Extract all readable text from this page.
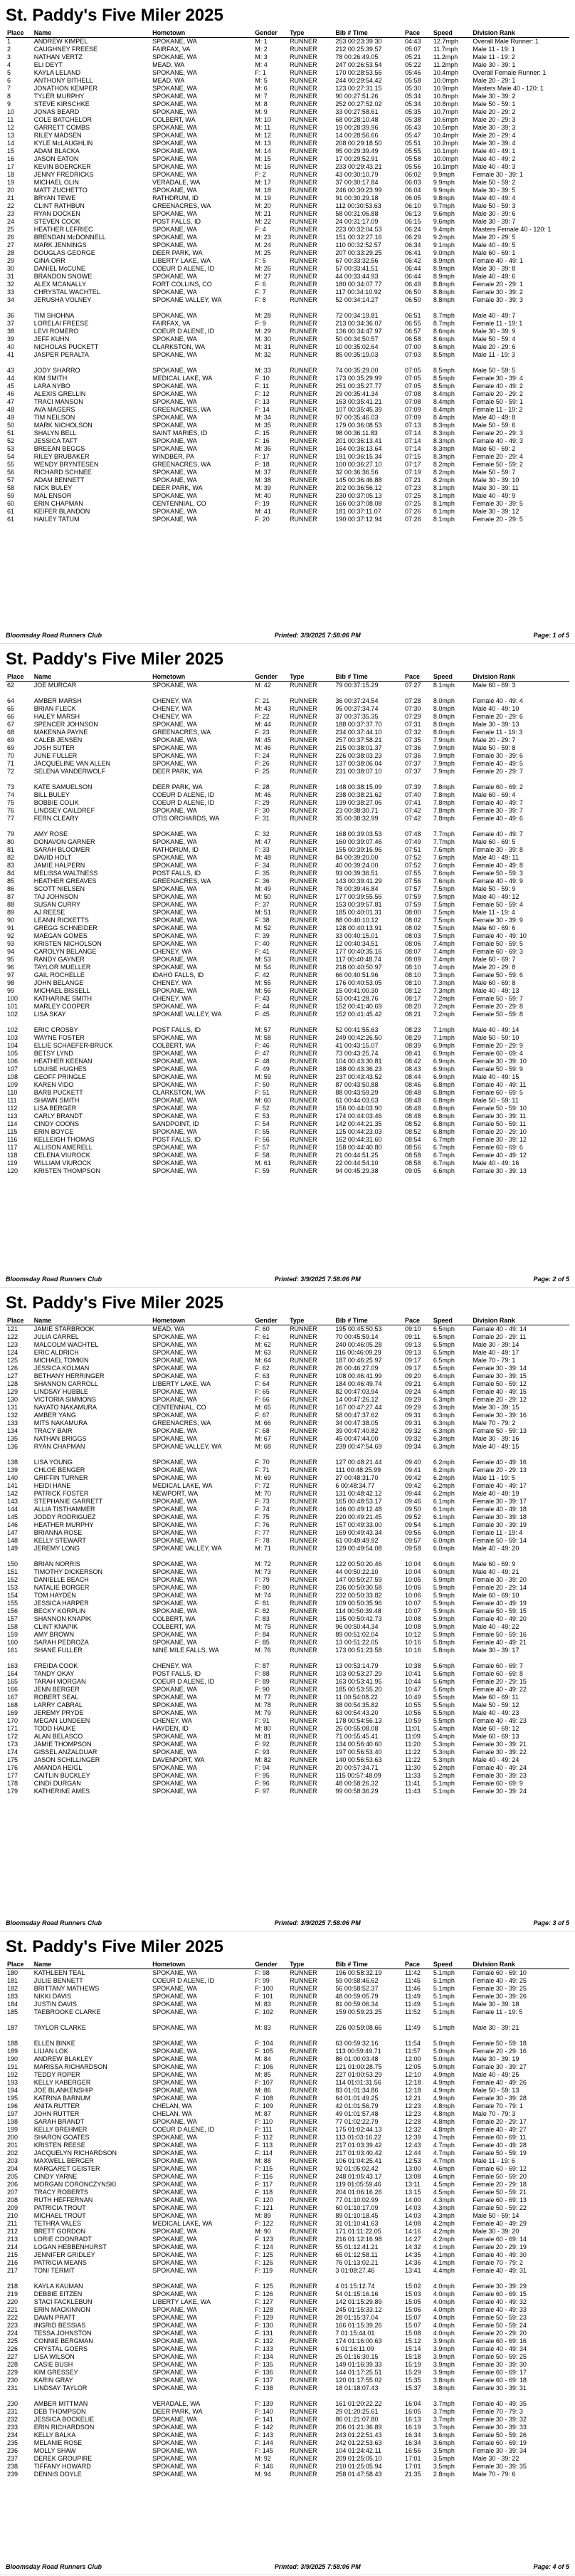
St. Paddy's Five Miler 2025
Place	Name	Hometown	Gender	Type	Bib # Time	Pace	Speed	Division Rank
1	ANDREW KIMPEL	SPOKANE, WA	M: 1	RUNNER	253 00:23:39.30	04:43	12.7mph	Overall Male Runner: 1
2	CAUGHNEY FREESE	FAIRFAX, VA	M: 2	RUNNER	212 00:25:39.57	05:07	11.7mph	Male 11 - 19: 1
3	NATHAN VERTZ	SPOKANE, WA	M: 3	RUNNER	78 00:26:49.05	05:21	11.2mph	Male 11 - 19: 2
4	ELI DEYT	MEAD, WA	M: 4	RUNNER	247 00:26:53.54	05:22	11.2mph	Male 30 - 39: 1
5	KAYLA LELAND	SPOKANE, WA	F: 1	RUNNER	170 00:28:53.56	05:46	10.4mph	Overall Female Runner: 1
6	ANTHONY BITHELL	MEAD, WA	M: 5	RUNNER	244 00:29:54.42	05:58	10.0mph	Male 20 - 29: 1
7	JONATHON KEMPER	SPOKANE, WA	M: 6	RUNNER	123 00:27:31.15	05:30	10.9mph	Masters Male 40 - 120: 1
8	TYLER MURPHY	SPOKANE, WA	M: 7	RUNNER	90 00:27:51.26	05:34	10.8mph	Male 30 - 39: 2
9	STEVE KIRSCHKE	SPOKANE, WA	M: 8	RUNNER	252 00:27:52.02	05:34	10.8mph	Male 50 - 59: 1
10	JONAS BEARD	SPOKANE, WA	M: 9	RUNNER	33 00:27:58.61	05:35	10.7mph	Male 20 - 29: 2
11	COLE BATCHELOR	COLBERT, WA	M: 10	RUNNER	68 00:28:10.48	05:38	10.6mph	Male 20 - 29: 3
12	GARRETT COMBS	SPOKANE, WA	M: 11	RUNNER	19 00:28:39.96	05:43	10.5mph	Male 30 - 39: 3
13	RILEY MADSEN	SPOKANE, WA	M: 12	RUNNER	14 00:28:56.66	05:47	10.4mph	Male 20 - 29: 4
14	KYLE McLAUGHLIN	SPOKANE, WA	M: 13	RUNNER	208 00:29:18.50	05:51	10.2mph	Male 30 - 39: 4
15	ADAM BLACKA	SPOKANE, WA	M: 14	RUNNER	95 00:29:39.49	05:55	10.1mph	Male 40 - 49: 1
16	JASON EATON	SPOKANE, WA	M: 15	RUNNER	17 00:29:52.91	05:58	10.0mph	Male 40 - 49: 2
17	KEVIN BOERCKER	SPOKANE, WA	M: 16	RUNNER	233 00:29:43.21	05:56	10.1mph	Male 40 - 49: 3
18	JENNY FREDRICKS	SPOKANE, WA	F: 2	RUNNER	43 00:30:10.79	06:02	9.9mph	Female 30 - 39: 1
19	MICHAEL OLIN	VERADALE, WA	M: 17	RUNNER	37 00:30:17.84	06:03	9.9mph	Male 50 - 59: 2
20	MATT ZUCHETTO	SPOKANE, WA	M: 18	RUNNER	246 00:30:23.99	06:04	9.9mph	Male 30 - 39: 5
21	BRYAN TEWE	RATHDRUM, ID	M: 19	RUNNER	91 00:30:29.18	06:05	9.8mph	Male 40 - 49: 4
22	CLINT RATHBUN	GREENACRES, WA	M: 20	RUNNER	112 00:30:53.63	06:10	9.7mph	Male 50 - 59: 3
23	RYAN DOCKEN	SPOKANE, WA	M: 21	RUNNER	58 00:31:06.88	06:13	9.6mph	Male 30 - 39: 6
24	STEVEN COOK	POST FALLS, ID	M: 22	RUNNER	24 00:31:17.09	06:15	9.6mph	Male 30 - 39: 7
25	HEATHER LEFRIEC	SPOKANE, WA	F: 4	RUNNER	223 00:32:04.53	06:24	9.4mph	Masters Female 40 - 120: 1
26	BRENDAN McDONNELL	SPOKANE, WA	M: 23	RUNNER	151 00:32:27.16	06:29	9.2mph	Male 20 - 29: 5
27	MARK JENNINGS	SPOKANE, WA	M: 24	RUNNER	110 00:32:52.57	06:34	9.1mph	Male 40 - 49: 5
28	DOUGLAS GEORGE	DEER PARK, WA	M: 25	RUNNER	207 00:33:29.25	06:41	9.0mph	Male 60 - 69: 1
29	GINA ORR	LIBERTY LAKE, WA	F: 5	RUNNER	67 00:33:32.56	06:42	8.9mph	Female 40 - 49: 1
30	DANIEL McCUNE	COEUR D ALENE, ID	M: 26	RUNNER	57 00:33:41.51	06:44	8.9mph	Male 30 - 39: 8
31	BRANDON SNOWE	SPOKANE, WA	M: 27	RUNNER	44 00:33:44.93	06:44	8.9mph	Male 40 - 49: 6
32	ALEX MCANALLY	FORT COLLINS, CO	F: 6	RUNNER	180 00:34:07.77	06:49	8.8mph	Female 20 - 29: 1
33	CHRYSTAL WACHTEL	SPOKANE, WA	F: 7	RUNNER	117 00:34:10.92	06:50	8.8mph	Female 30 - 39: 2
34	JERUSHA VOLNEY	SPOKANE VALLEY, WA	F: 8	RUNNER	52 00:34:14.27	06:50	8.8mph	Female 30 - 39: 3

36	TIM SHOHNA	SPOKANE, WA	M: 28	RUNNER	72 00:34:19.81	06:51	8.7mph	Male 40 - 49: 7
37	LORELAI FREESE	FAIRFAX, VA	F: 9	RUNNER	213 00:34:36.07	06:55	8.7mph	Female 11 - 19: 1
38	LEVI ROMERO	COEUR D ALENE, ID	M: 29	RUNNER	136 00:34:47.97	06:57	8.6mph	Male 30 - 39: 9
39	JEFF KUHN	SPOKANE, WA	M: 30	RUNNER	50 00:34:50.57	06:58	8.6mph	Male 50 - 59: 4
40	NICHOLAS PUCKETT	CLARKSTON, WA	M: 31	RUNNER	10 00:35:02.64	07:00	8.6mph	Male 20 - 29: 6
41	JASPER PERALTA	SPOKANE, WA	M: 32	RUNNER	85 00:35:19.03	07:03	8.5mph	Male 11 - 19: 3

43	JODY SHARRO	SPOKANE, WA	M: 33	RUNNER	74 00:35:29.00	07:05	8.5mph	Male 50 - 59: 5
44	KIM SMITH	MEDICAL LAKE, WA	F: 10	RUNNER	173 00:35:29.99	07:05	8.5mph	Female 30 - 39: 4
45	LARA NYBO	SPOKANE, WA	F: 11	RUNNER	251 00:35:27.77	07:05	8.5mph	Female 40 - 49: 2
46	ALEXIS GRELLIN	SPOKANE, WA	F: 12	RUNNER	29 00:35:41.34	07:08	8.4mph	Female 20 - 29: 2
47	TRACI MANSON	SPOKANE, WA	F: 13	RUNNER	163 00:35:41.21	07:08	8.4mph	Female 50 - 59: 1
48	AVA MAGERS	GREENACRES, WA	F: 14	RUNNER	107 00:35:45.39	07:09	8.4mph	Female 11 - 19: 2
49	TIM NEILSON	SPOKANE, WA	M: 34	RUNNER	97 00:35:46.03	07:09	8.4mph	Male 40 - 49: 8
50	MARK NICHOLSON	SPOKANE, WA	M: 35	RUNNER	179 00:36:08.53	07:13	8.3mph	Male 50 - 59: 6
51	SHALYN BELL	SAINT MARIES, ID	F: 15	RUNNER	98 00:36:11.83	07:14	8.3mph	Female 20 - 29: 3
52	JESSICA TAFT	SPOKANE, WA	F: 16	RUNNER	201 00:36:13.41	07:14	8.3mph	Female 40 - 49: 3
53	BREEAN BEGGS	SPOKANE, WA	M: 36	RUNNER	164 00:36:13.64	07:14	8.3mph	Male 60 - 69: 2
54	RILEY BRUBAKER	WINDBER, PA	F: 17	RUNNER	191 00:36:15.34	07:15	8.3mph	Female 20 - 29: 4
55	WENDY BRYNTESEN	GREENACRES, WA	F: 18	RUNNER	100 00:36:27.10	07:17	8.2mph	Female 50 - 59: 2
56	RICHARD SCHNEE	SPOKANE, WA	M: 37	RUNNER	32 00:36:36.56	07:19	8.2mph	Male 50 - 59: 7
57	ADAM BENNETT	SPOKANE, WA	M: 38	RUNNER	145 00:36:46.88	07:21	8.2mph	Male 30 - 39: 10
58	NICK BULEY	DEER PARK, WA	M: 39	RUNNER	202 00:36:56.12	07:23	8.1mph	Male 30 - 39: 11
59	MAL ENSOR	SPOKANE, WA	M: 40	RUNNER	230 00:37:05.13	07:25	8.1mph	Male 40 - 49: 9
60	ERIN CHAPMAN	CENTENNIAL, CO	F: 19	RUNNER	166 00:37:08.08	07:25	8.1mph	Female 30 - 39: 5
61	KEIFER BLANDON	SPOKANE, WA	M: 41	RUNNER	181 00:37:11.07	07:26	8.1mph	Male 30 - 39: 12
61	HAILEY TATUM	SPOKANE, WA	F: 20	RUNNER	190 00:37:12.94	07:26	8.1mph	Female 20 - 29: 5
Bloomsday Road Runners Club	Printed: 3/9/2025 7:58:06 PM	Page: 1 of 5
St. Paddy's Five Miler 2025
Place	Name	Hometown	Gender	Type	Bib # Time	Pace	Speed	Division Rank
62	JOE MURCAR	SPOKANE, WA	M: 42	RUNNER	79 00:37:15.29	07:27	8.1mph	Male 60 - 69: 3

64	AMBER MARSH	CHENEY, WA	F: 21	RUNNER	36 00:37:24.54	07:28	8.0mph	Female 40 - 49: 4
65	BRIAN FLECK	CHENEY, WA	M: 43	RUNNER	95 00:37:34.74	07:30	8.0mph	Male 40 - 49: 10
66	HALEY MARSH	CHENEY, WA	F: 22	RUNNER	37 00:37:35.35	07:29	8.0mph	Female 20 - 29: 6
67	SPENCER JOHNSON	SPOKANE, WA	M: 44	RUNNER	188 00:37:37.70	07:31	8.0mph	Male 30 - 39: 13
68	MAKENNA PAYNE	GREENACRES, WA	F: 23	RUNNER	234 00:37:44.10	07:32	8.0mph	Female 11 - 19: 3
69	CALEB JENSEN	SPOKANE, WA	M: 45	RUNNER	257 00:37:58.21	07:35	7.9mph	Male 20 - 29: 7
69	JOSH SUTER	SPOKANE, WA	M: 46	RUNNER	215 00:38:01.37	07:36	7.9mph	Male 50 - 59: 8
70	JUNE FULLER	SPOKANE, WA	F: 24	RUNNER	226 00:38:03.23	07:36	7.9mph	Female 30 - 39: 6
71	JACQUELINE VAN ALLEN	SPOKANE, WA	F: 26	RUNNER	137 00:38:06.04	07:37	7.9mph	Female 40 - 49: 5
72	SELENA VANDERWOLF	DEER PARK, WA	F: 25	RUNNER	231 00:38:07.10	07:37	7.9mph	Female 20 - 29: 7

73	KATE SAMUELSON	DEER PARK, WA	F: 28	RUNNER	148 00:38:15.09	07:39	7.8mph	Female 60 - 69: 2
74	BILL BULEY	COEUR D ALENE, ID	M: 46	RUNNER	238 00:38:21.62	07:40	7.8mph	Male 60 - 69: 4
75	BOBBIE COLIK	COEUR D ALENE, ID	F: 29	RUNNER	139 00:38:27.06	07:41	7.8mph	Female 40 - 49: 7
76	LINDSEY CAILDREF	SPOKANE, WA	F: 30	RUNNER	23 00:38:30.71	07:42	7.8mph	Female 30 - 39: 7
77	FERN CLEARY	OTIS ORCHARDS, WA	F: 31	RUNNER	35 00:38:32.99	07:42	7.8mph	Female 40 - 49: 6

79	AMY ROSE	SPOKANE, WA	F: 32	RUNNER	168 00:39:03.53	07:48	7.7mph	Female 40 - 49: 7
80	DONAVON GARNER	SPOKANE, WA	M: 47	RUNNER	160 00:39:07.46	07:49	7.7mph	Male 60 - 69: 5
81	SARAH BLOOMER	RATHDRUM, ID	F: 33	RUNNER	155 00:39:16.96	07:51	7.6mph	Female 30 - 39: 8
82	DAVID HOLT	SPOKANE, WA	M: 48	RUNNER	84 00:39:20.00	07:52	7.6mph	Male 40 - 49: 11
83	JAMIE HALPERN	SPOKANE, WA	F: 34	RUNNER	40 00:39:24.00	07:52	7.6mph	Female 40 - 49: 8
84	MELISSA WALTNESS	POST FALLS, ID	F: 35	RUNNER	93 00:39:36.51	07:55	7.6mph	Female 50 - 59: 3
85	HEATHER GREAVES	GREENACRES, WA	F: 36	RUNNER	143 00:39:41.29	07:56	7.6mph	Female 40 - 49: 9
86	SCOTT NIELSEN	SPOKANE, WA	M: 49	RUNNER	78 00:39:46.84	07:57	7.5mph	Male 50 - 59: 9
87	TAJ JOHNSON	SPOKANE, WA	M: 50	RUNNER	177 00:39:55.56	07:59	7.5mph	Male 40 - 49: 12
88	SUSAN CURRY	SPOKANE, WA	F: 37	RUNNER	153 00:39:57.81	07:59	7.5mph	Female 50 - 59: 4
89	AJ REESE	SPOKANE, WA	M: 51	RUNNER	185 00:40:01.31	08:00	7.5mph	Male 11 - 19: 4
90	LEANN RICKETTS	SPOKANE, WA	F: 38	RUNNER	88 00:40:10.12	08:02	7.5mph	Female 30 - 39: 9
91	GREGG SCHNEIDER	SPOKANE, WA	M: 52	RUNNER	128 00:40:13.91	08:02	7.5mph	Male 60 - 69: 6
92	MAEGAN GOMES	SPOKANE, WA	F: 39	RUNNER	33 00:40:15.01	08:03	7.5mph	Female 40 - 49: 10
93	KRISTEN NICHOLSON	SPOKANE, WA	F: 40	RUNNER	12 00:40:34.51	08:06	7.4mph	Female 50 - 59: 5
94	CAROLYN BELANGE	CHENEY, WA	F: 41	RUNNER	177 00:40:35.16	08:07	7.4mph	Female 60 - 69: 3
95	RANDY GAYNER	SPOKANE, WA	M: 53	RUNNER	117 00:40:48.74	08:09	7.4mph	Male 60 - 69: 7
96	TAYLOR MUELLER	SPOKANE, WA	M: 54	RUNNER	218 00:40:50.97	08:10	7.4mph	Male 20 - 29: 8
97	GAIL ROCHELLE	IDAHO FALLS, ID	F: 42	RUNNER	66 00:40:51.96	08:10	7.3mph	Female 50 - 59: 6
98	JOHN BELANGE	CHENEY, WA	M: 55	RUNNER	176 00:40:53.05	08:10	7.3mph	Male 60 - 69: 8
99	MICHAEL BISSELL	SPOKANE, WA	M: 56	RUNNER	15 00:41:00.30	08:12	7.3mph	Male 40 - 49: 13
100	KATHARINE SMITH	CHENEY, WA	F: 43	RUNNER	53 00:41:28.76	08:17	7.2mph	Female 50 - 59: 7
101	MARLEY COOPER	SPOKANE, WA	F: 44	RUNNER	152 00:41:40.69	08:20	7.2mph	Female 20 - 29: 8
102	LISA SKAY	SPOKANE VALLEY, WA	F: 45	RUNNER	152 00:41:45.42	08:21	7.2mph	Female 50 - 59: 8

102	ERIC CROSBY	POST FALLS, ID	M: 57	RUNNER	52 00:41:55.63	08:23	7.1mph	Male 40 - 49: 14
103	WAYNE FOSTER	SPOKANE, WA	M: 58	RUNNER	249 00:42:26.50	08:29	7.1mph	Male 50 - 59: 10
104	ELLIE SCHAEFER-BRUCK	COLBERT, WA	F: 46	RUNNER	41 00:43:15.07	08:39	6.9mph	Female 20 - 29: 9
105	BETSY LYND	SPOKANE, WA	F: 47	RUNNER	73 00:43:25.74	08:41	6.9mph	Female 60 - 69: 4
106	HEATHER KEENAN	SPOKANE, WA	F: 48	RUNNER	104 00:43:30.81	08:42	6.9mph	Female 30 - 39: 10
107	LOUISE HUGHES	SPOKANE, WA	F: 49	RUNNER	188 00:43:36.23	08:43	6.9mph	Female 50 - 59: 9
108	GEOFF PRINGLE	SPOKANE, WA	M: 59	RUNNER	237 00:43:43.52	08:44	6.9mph	Male 40 - 49: 15
109	KAREN VIDO	SPOKANE, WA	F: 50	RUNNER	87 00:43:50.88	08:46	6.8mph	Female 40 - 49: 11
110	BARB PUCKETT	CLARKSTON, WA	F: 51	RUNNER	88 00:43:59.29	08:48	6.8mph	Female 60 - 69: 5
111	SHAWN SMITH	SPOKANE, WA	M: 60	RUNNER	61 00:44:03.63	08:48	6.8mph	Male 50 - 59: 11
112	LISA BERGER	SPOKANE, WA	F: 52	RUNNER	156 00:44:03.90	08:48	6.8mph	Female 50 - 59: 10
113	CARLY BRANDT	SPOKANE, WA	F: 53	RUNNER	174 00:44:03.46	08:48	6.8mph	Female 30 - 39: 11
114	CINDY COONS	SANDPOINT, ID	F: 54	RUNNER	142 00:44:21.35	08:52	6.8mph	Female 50 - 59: 11
115	ERIN BOYCE	SPOKANE, WA	F: 55	RUNNER	125 00:44:23.03	08:52	6.8mph	Female 20 - 29: 10
116	KELLEIGH THOMAS	POST FALLS, ID	F: 56	RUNNER	162 00:44:31.60	08:54	6.7mph	Female 30 - 39: 12
117	ALLISON AMERELL	SPOKANE, WA	F: 57	RUNNER	158 00:44:40.80	08:56	6.7mph	Female 60 - 69: 6
118	CELENA VIUROCK	SPOKANE, WA	F: 58	RUNNER	21 00:44:51.25	08:58	6.7mph	Female 40 - 49: 12
119	WILLIAM VIUROCK	SPOKANE, WA	M: 61	RUNNER	22 00:44:54.10	08:58	6.7mph	Male 40 - 49: 16
120	KRISTEN THOMPSON	SPOKANE, WA	F: 59	RUNNER	94 00:45:29.38	09:05	6.6mph	Female 30 - 39: 13
Bloomsday Road Runners Club	Printed: 3/9/2025 7:58:06 PM	Page: 2 of 5
St. Paddy's Five Miler 2025
Place	Name	Hometown	Gender	Type	Bib # Time	Pace	Speed	Division Rank
121	JAMIE STARBROOK	MEAD, WA	F: 60	RUNNER	195 00:45:50.53	09:10	6.5mph	Female 40 - 49: 14
122	JULIA CARREL	SPOKANE, WA	F: 61	RUNNER	70 00:45:59.14	09:11	6.5mph	Female 20 - 29: 11
123	MALCOLM WACHTEL	SPOKANE, WA	M: 62	RUNNER	240 00:46:05.28	09:13	6.5mph	Male 30 - 39: 14
124	ERIC ALDRICH	SPOKANE, WA	M: 63	RUNNER	116 00:46:09.29	09:13	6.5mph	Male 40 - 49: 17
125	MICHAEL TOMKIN	SPOKANE, WA	M: 64	RUNNER	187 00:46:25.97	09:17	6.5mph	Male 70 - 79: 1
126	JESSICA KOLMAN	SPOKANE, WA	F: 62	RUNNER	26 00:46:27.09	09:17	6.5mph	Female 30 - 39: 14
127	BETHANY HERRINGER	SPOKANE, WA	F: 63	RUNNER	108 00:46:41.99	09:20	6.4mph	Female 30 - 39: 15
128	SHANNON CARROLL	LIBERTY LAKE, WA	F: 64	RUNNER	184 00:46:49.74	09:21	6.4mph	Female 50 - 59: 12
129	LINDSAY HUBBLE	SPOKANE, WA	F: 65	RUNNER	82 00:47:03.94	09:24	6.4mph	Female 40 - 49: 15
130	VICTORIA SIMMONS	SPOKANE, WA	F: 66	RUNNER	14 00:47:26.12	09:29	6.3mph	Female 20 - 29: 12
131	NAYATO NAKAMURA	CENTENNIAL, CO	M: 65	RUNNER	167 00:47:27.44	09:29	6.3mph	Male 30 - 39: 15
132	AMBER YANG	SPOKANE, WA	F: 67	RUNNER	58 00:47:37.62	09:31	6.3mph	Female 30 - 39: 16
133	MITS NAKAMURA	GREENACRES, WA	M: 66	RUNNER	34 00:47:38.05	09:31	6.3mph	Male 70 - 79: 2
134	TRACY BAIR	SPOKANE, WA	F: 68	RUNNER	39 00:47:40.82	09:32	6.3mph	Female 50 - 59: 13
135	NATHAN BRIGGS	SPOKANE, WA	M: 67	RUNNER	45 00:47:44.00	09:32	6.3mph	Male 30 - 39: 16
136	RYAN CHAPMAN	SPOKANE VALLEY, WA	M: 68	RUNNER	239 00:47:54.69	09:34	6.3mph	Male 40 - 49: 15

138	LISA YOUNG	SPOKANE, WA	F: 70	RUNNER	127 00:48:21.44	09:40	6.2mph	Female 40 - 49: 16
139	CHLOE BENGER	SPOKANE, WA	F: 71	RUNNER	111 00:48:25.99	09:41	6.2mph	Female 20 - 29: 13
140	GRIFFIN TURNER	SPOKANE, WA	M: 69	RUNNER	27 00:48:31.70	09:42	6.2mph	Male 11 - 19: 5
141	HEIDI HANE	MEDICAL LAKE, WA	F: 72	RUNNER	6 00:48:34.77	09:42	6.2mph	Female 40 - 49: 17
142	PATRICK FOSTER	NEWPORT, WA	M: 70	RUNNER	131 00:48:42.12	09:44	6.2mph	Male 40 - 49: 19
143	STEPHANIE GARRETT	SPOKANE, WA	F: 73	RUNNER	165 00:48:53.17	09:46	6.1mph	Female 30 - 39: 17
144	ALLIA TISTHAMMER	SPOKANE, WA	F: 74	RUNNER	146 00:49:12.48	09:50	6.1mph	Female 40 - 49: 18
145	JODDY RODRIGUEZ	SPOKANE, WA	F: 75	RUNNER	220 00:49:21.45	09:52	6.1mph	Female 30 - 39: 18
146	HEATHER MURPHY	SPOKANE, WA	F: 76	RUNNER	157 00:49:33.00	09:54	6.1mph	Female 30 - 39: 19
147	BRIANNA ROSE	SPOKANE, WA	F: 77	RUNNER	169 00:49:43.34	09:56	6.0mph	Female 11 - 19: 4
148	KELLY STEWART	SPOKANE, WA	F: 78	RUNNER	61 00:49:49.92	09:57	6.0mph	Female 50 - 59: 14
149	JEREMY LONG	SPOKANE VALLEY, WA	M: 71	RUNNER	129 00:49:54.08	09:58	6.0mph	Male 40 - 49: 20

150	BRIAN NORRIS	SPOKANE, WA	M: 72	RUNNER	122 00:50:20.46	10:04	6.0mph	Male 60 - 69: 9
151	TIMOTHY DICKERSON	SPOKANE, WA	M: 73	RUNNER	44 00:50:22.10	10:04	6.0mph	Male 40 - 49: 21
152	DANIELLE BEACH	SPOKANE, WA	F: 79	RUNNER	147 00:50:27.59	10:05	5.9mph	Female 30 - 39: 20
153	NATALIE BORGER	SPOKANE, WA	F: 80	RUNNER	236 00:50:30.58	10:06	5.9mph	Female 20 - 29: 14
154	TOM HAYDEN	SPOKANE, WA	M: 74	RUNNER	232 00:50:33.82	10:06	5.9mph	Male 60 - 69: 10
155	JESSICA HARPER	SPOKANE, WA	F: 81	RUNNER	109 00:50:35.96	10:07	5.9mph	Female 40 - 49: 19
156	BECKY KORPLIN	SPOKANE, WA	F: 82	RUNNER	114 00:50:39.48	10:07	5.9mph	Female 50 - 59: 15
157	SHANNON KNAPIK	COLBERT, WA	F: 83	RUNNER	135 00:50:42.73	10:08	5.9mph	Female 40 - 49: 20
158	CLINT KNAPIK	COLBERT, WA	M: 75	RUNNER	96 00:50:44.34	10:08	5.9mph	Male 40 - 49: 22
159	AMY BROWN	SPOKANE, WA	F: 84	RUNNER	89 00:51:02.04	10:12	5.9mph	Female 50 - 59: 16
160	SARAH PEDROZA	SPOKANE, WA	F: 85	RUNNER	13 00:51:22.05	10:16	5.8mph	Female 40 - 49: 21
161	SHANE FULLER	NINE MILE FALLS, WA	M: 76	RUNNER	173 00:51:23.58	10:16	5.8mph	Male 30 - 39: 17

163	FREIDA COOK	CHENEY, WA	F: 87	RUNNER	13 00:53:14.79	10:38	5.6mph	Female 60 - 69: 7
164	TANDY OKAY	POST FALLS, ID	F: 88	RUNNER	103 00:53:27.29	10:41	5.6mph	Female 60 - 69: 8
165	TARAH MORGAN	COEUR D ALENE, ID	F: 89	RUNNER	163 00:53:41.95	10:44	5.6mph	Female 20 - 29: 15
166	JENN BERGER	SPOKANE, WA	F: 90	RUNNER	185 00:53:55.20	10:47	5.6mph	Female 40 - 49: 22
167	ROBERT SEAL	SPOKANE, WA	M: 77	RUNNER	11 00:54:08.22	10:49	5.5mph	Male 60 - 69: 11
168	LARRY CABRAL	SPOKANE, WA	M: 78	RUNNER	38 00:54:35.82	10:55	5.5mph	Male 50 - 59: 12
169	JEREMY PRYDE	SPOKANE, WA	M: 79	RUNNER	63 00:54:43.20	10:56	5.5mph	Male 40 - 49: 23
170	MEGAN LUNDEEN	CHENEY, WA	F: 91	RUNNER	178 00:54:56.13	10:59	5.5mph	Female 40 - 49: 23
171	TODD HAUKE	HAYDEN, ID	M: 80	RUNNER	26 00:55:08.08	11:01	5.4mph	Male 60 - 69: 12
172	ALAN BELASCO	SPOKANE, WA	M: 81	RUNNER	71 00:55:45.41	11:09	5.4mph	Male 60 - 69: 13
173	JAMIE THOMPSON	SPOKANE, WA	F: 92	RUNNER	134 00:56:40.60	11:20	5.3mph	Female 30 - 39: 21
174	GISSEL ANZALDUAR	SPOKANE, WA	F: 93	RUNNER	197 00:56:53.40	11:22	5.3mph	Female 30 - 39: 22
175	JASON SCHILLINGER	DAVENPORT, WA	M: 82	RUNNER	140 00:56:53.63	11:22	5.3mph	Male 40 - 49: 24
176	AMANDA HEIGL	SPOKANE, WA	F: 94	RUNNER	20 00:57:34.71	11:30	5.2mph	Female 40 - 49: 24
177	CAITLIN BUCKLEY	SPOKANE, WA	F: 95	RUNNER	115 00:57:48.09	11:33	5.2mph	Female 30 - 39: 23
178	CINDI DURGAN	SPOKANE, WA	F: 96	RUNNER	48 00:58:26.32	11:41	5.1mph	Female 60 - 69: 9
179	KATHERINE AMES	SPOKANE, WA	F: 97	RUNNER	99 00:58:36.29	11:43	5.1mph	Female 30 - 39: 24
Bloomsday Road Runners Club	Printed: 3/9/2025 7:58:06 PM	Page: 3 of 5
St. Paddy's Five Miler 2025
Place	Name	Hometown	Gender	Type	Bib # Time	Pace	Speed	Division Rank
180	KATHLEEN TEAL	SPOKANE, WA	F: 98	RUNNER	196 00:58:32.19	11:42	5.1mph	Female 60 - 69: 10
181	JULIE BENNETT	COEUR D ALENE, ID	F: 99	RUNNER	59 00:58:46.62	11:45	5.1mph	Female 40 - 49: 25
182	BRITTANY MATHEWS	SPOKANE, WA	F: 100	RUNNER	56 00:58:52.37	11:46	5.1mph	Female 30 - 39: 25
183	NIKKI DAVIS	SPOKANE, WA	F: 101	RUNNER	48 00:59:05.79	11:49	5.1mph	Female 30 - 39: 26
184	JUSTIN DAVIS	SPOKANE, WA	M: 83	RUNNER	81 00:59:06.34	11:49	5.1mph	Male 30 - 39: 18
185	TAEBROOKE CLARKE	SPOKANE, WA	F: 102	RUNNER	159 00:59:23.25	11:52	5.1mph	Female 11 - 19: 5

187	TAYLOR CLARKE	SPOKANE, WA	M: 83	RUNNER	226 00:59:08.66	11:49	5.1mph	Male 30 - 39: 21

188	ELLEN BINKE	SPOKANE, WA	F: 104	RUNNER	63 00:59:32.16	11:54	5.0mph	Female 50 - 59: 18
189	LILIAN LOK	SPOKANE, WA	F: 105	RUNNER	113 00:59:49.71	11:57	5.0mph	Female 20 - 29: 16
190	ANDREW BLAKLEY	SPOKANE, WA	M: 84	RUNNER	86 01:00:03.48	12:00	5.0mph	Male 30 - 39: 19
191	MARISSA RICHARDSON	SPOKANE, WA	F: 106	RUNNER	121 01:00:28.75	12:05	5.0mph	Female 30 - 39: 27
192	TEDDY ROPER	SPOKANE, WA	M: 85	RUNNER	227 01:00:53.29	12:10	4.9mph	Male 40 - 49: 25
193	KELLY KABERGER	SPOKANE, WA	F: 107	RUNNER	114 01:01:31.56	12:18	4.9mph	Female 40 - 49: 26
194	JOE BLANKENSHIP	SPOKANE, WA	M: 86	RUNNER	83 01:01:34.86	12:18	4.9mph	Male 50 - 59: 13
195	KATRINA BARNUM	SPOKANE, WA	F: 108	RUNNER	64 01:01:49.25	12:21	4.9mph	Female 30 - 39: 28
196	ANITA RUTTER	CHELAN, WA	F: 109	RUNNER	42 01:01:56.79	12:23	4.8mph	Female 70 - 79: 1
197	JOHN RUTTER	CHELAN, WA	M: 87	RUNNER	49 01:01:57.48	12:23	4.8mph	Male 70 - 79: 3
198	SARAH BRANDT	SPOKANE, WA	F: 110	RUNNER	77 01:02:22.79	12:28	4.8mph	Female 20 - 29: 17
199	KELLY BREHMER	COEUR D ALENE, ID	F: 111	RUNNER	175 01:02:44.13	12:32	4.8mph	Female 40 - 49: 27
200	SHARON GOATES	SPOKANE, WA	F: 112	RUNNER	113 01:03:16.22	12:39	4.7mph	Female 60 - 69: 11
201	KRISTEN REESE	SPOKANE, WA	F: 113	RUNNER	217 01:03:39.42	12:43	4.7mph	Female 40 - 49: 28
202	JACQUELYN RICHARDSON	SPOKANE, WA	F: 114	RUNNER	217 01:03:40.42	12:44	4.7mph	Female 50 - 59: 19
203	MAXWELL BERGER	SPOKANE, WA	M: 88	RUNNER	106 01:04:25.41	12:53	4.7mph	Male 11 - 19: 6
204	MARGARET GEISTER	SPOKANE, WA	F: 115	RUNNER	92 01:05:02.42	13:00	4.6mph	Female 60 - 69: 12
205	CINDY YARNE	SPOKANE, WA	F: 116	RUNNER	248 01:05:43.17	13:08	4.6mph	Female 50 - 59: 20
206	MORGAN CORONCZYNSKI	SPOKANE, WA	F: 117	RUNNER	119 01:05:59.46	13:11	4.5mph	Female 20 - 29: 18
207	TRACY ROBERTS	SPOKANE, WA	F: 118	RUNNER	204 01:06:16.26	13:15	4.5mph	Female 50 - 59: 21
208	RUTH HEFFERNAN	SPOKANE, WA	F: 120	RUNNER	77 01:10:02.99	14:00	4.3mph	Female 60 - 69: 13
209	PATRICIA TROUT	SPOKANE, WA	F: 121	RUNNER	60 01:10:17.09	14:03	4.3mph	Female 50 - 59: 22
210	MICHAEL TROUT	SPOKANE, WA	M: 89	RUNNER	89 01:10:18.45	14:03	4.3mph	Male 50 - 59: 14
211	TETHRA VALES	MEDICAL LAKE, WA	F: 122	RUNNER	31 01:10:41.63	14:08	4.2mph	Female 40 - 49: 29
212	BRETT GORDON	SPOKANE, WA	M: 90	RUNNER	171 01:11:22.05	14:16	4.2mph	Male 30 - 39: 20
213	LORIE COONRADT	SPOKANE, WA	F: 123	RUNNER	216 01:12:16.98	14:27	4.2mph	Female 60 - 69: 14
214	LOGAN HEBBENHURST	SPOKANE, WA	F: 124	RUNNER	55 01:12:41.21	14:32	4.1mph	Female 20 - 29: 19
215	JENNIFER GRIDLEY	SPOKANE, WA	F: 125	RUNNER	65 01:12:58.11	14:35	4.1mph	Female 40 - 49: 30
216	PATRICIA MEANS	SPOKANE, WA	F: 126	RUNNER	76 01:13:02.21	14:36	4.1mph	Female 70 - 79: 2
217	TONI TERMIT	SPOKANE, WA	F: 119	RUNNER	3 01:08:27.46	13:41	4.4mph	Female 40 - 49: 31

218	KAYLA KAUMAN	SPOKANE, WA	F: 125	RUNNER	4 01:15:12.74	15:02	4.0mph	Female 30 - 39: 29
219	DEBBIE EITZEN	SPOKANE, WA	F: 126	RUNNER	54 01:15:16.16	15:03	4.0mph	Female 60 - 69: 15
220	STACI FACKLEBUN	LIBERTY LAKE, WA	F: 127	RUNNER	142 01:15:29.89	15:05	4.0mph	Female 40 - 49: 32
221	ERIN MACKINNON	SPOKANE, WA	F: 128	RUNNER	245 01:15:33.12	15:06	4.0mph	Female 40 - 49: 33
222	DAWN PRATT	SPOKANE, WA	F: 129	RUNNER	28 01:15:37.04	15:07	4.0mph	Female 50 - 59: 23
223	INGRID BESSIAS	SPOKANE, WA	F: 130	RUNNER	166 01:15:39.26	15:07	4.0mph	Female 50 - 59: 24
224	TESSA JOHNSTON	SPOKANE, WA	F: 131	RUNNER	7 01:15:44.01	15:08	4.0mph	Female 20 - 29: 20
225	CONNIE BERGMAN	SPOKANE, WA	F: 132	RUNNER	174 01:16:00.63	15:12	3.9mph	Female 60 - 69: 16
226	CRYSTAL GOERS	SPOKANE, WA	F: 133	RUNNER	6 01:16:11.09	15:14	3.9mph	Female 40 - 49: 34
227	LISA WILSON	SPOKANE, WA	F: 134	RUNNER	25 01:16:30.15	15:18	3.9mph	Female 50 - 59: 25
228	CASIE BUSH	SPOKANE, WA	F: 135	RUNNER	149 01:16:39.33	15:19	3.9mph	Female 30 - 39: 30
229	KIM GRESSEY	SPOKANE, WA	F: 136	RUNNER	144 01:17:25.51	15:29	3.9mph	Female 60 - 69: 17
230	KARIN GRAY	SPOKANE, WA	F: 137	RUNNER	120 01:17:55.02	15:35	3.8mph	Female 60 - 69: 18
231	LINDSAY TAYLOR	SPOKANE, WA	F: 138	RUNNER	18 01:18:07.43	15:37	3.8mph	Female 30 - 39: 31

230	AMBER MITTMAN	VERADALE, WA	F: 139	RUNNER	161 01:20:22.22	16:04	3.7mph	Female 40 - 49: 35
231	DEB THOMPSON	DEER PARK, WA	F: 140	RUNNER	29 01:20:25.61	16:05	3.7mph	Female 70 - 79: 3
232	JESSICA BOCKELIE	SPOKANE, WA	F: 141	RUNNER	86 01:21:07.80	16:13	3.7mph	Female 30 - 39: 32
233	ERIN RICHARDSON	SPOKANE, WA	F: 142	RUNNER	206 01:21:36.89	16:19	3.7mph	Female 30 - 39: 33
234	KELLY BALKA	SPOKANE, WA	F: 143	RUNNER	243 01:22:51.43	16:34	3.6mph	Female 50 - 59: 26
235	MELANIE ROSE	SPOKANE, WA	F: 144	RUNNER	242 01:22:53.63	16:34	3.6mph	Female 60 - 69: 19
236	MOLLY SHAW	SPOKANE, WA	F: 145	RUNNER	104 01:24:42.11	16:56	3.5mph	Female 30 - 39: 34
237	DEREK GROUPIRE	SPOKANE, WA	M: 92	RUNNER	209 01:25:05.10	17:01	3.5mph	Male 30 - 39: 22
238	TIFFANY HOWARD	SPOKANE, WA	F: 146	RUNNER	210 01:25:05.94	17:01	3.5mph	Female 30 - 39: 35
239	DENNIS DOYLE	SPOKANE, WA	M: 94	RUNNER	258 01:47:58.43	21:35	2.8mph	Male 70 - 79: 6
Bloomsday Road Runners Club	Printed: 3/9/2025 7:58:06 PM	Page: 4 of 5
